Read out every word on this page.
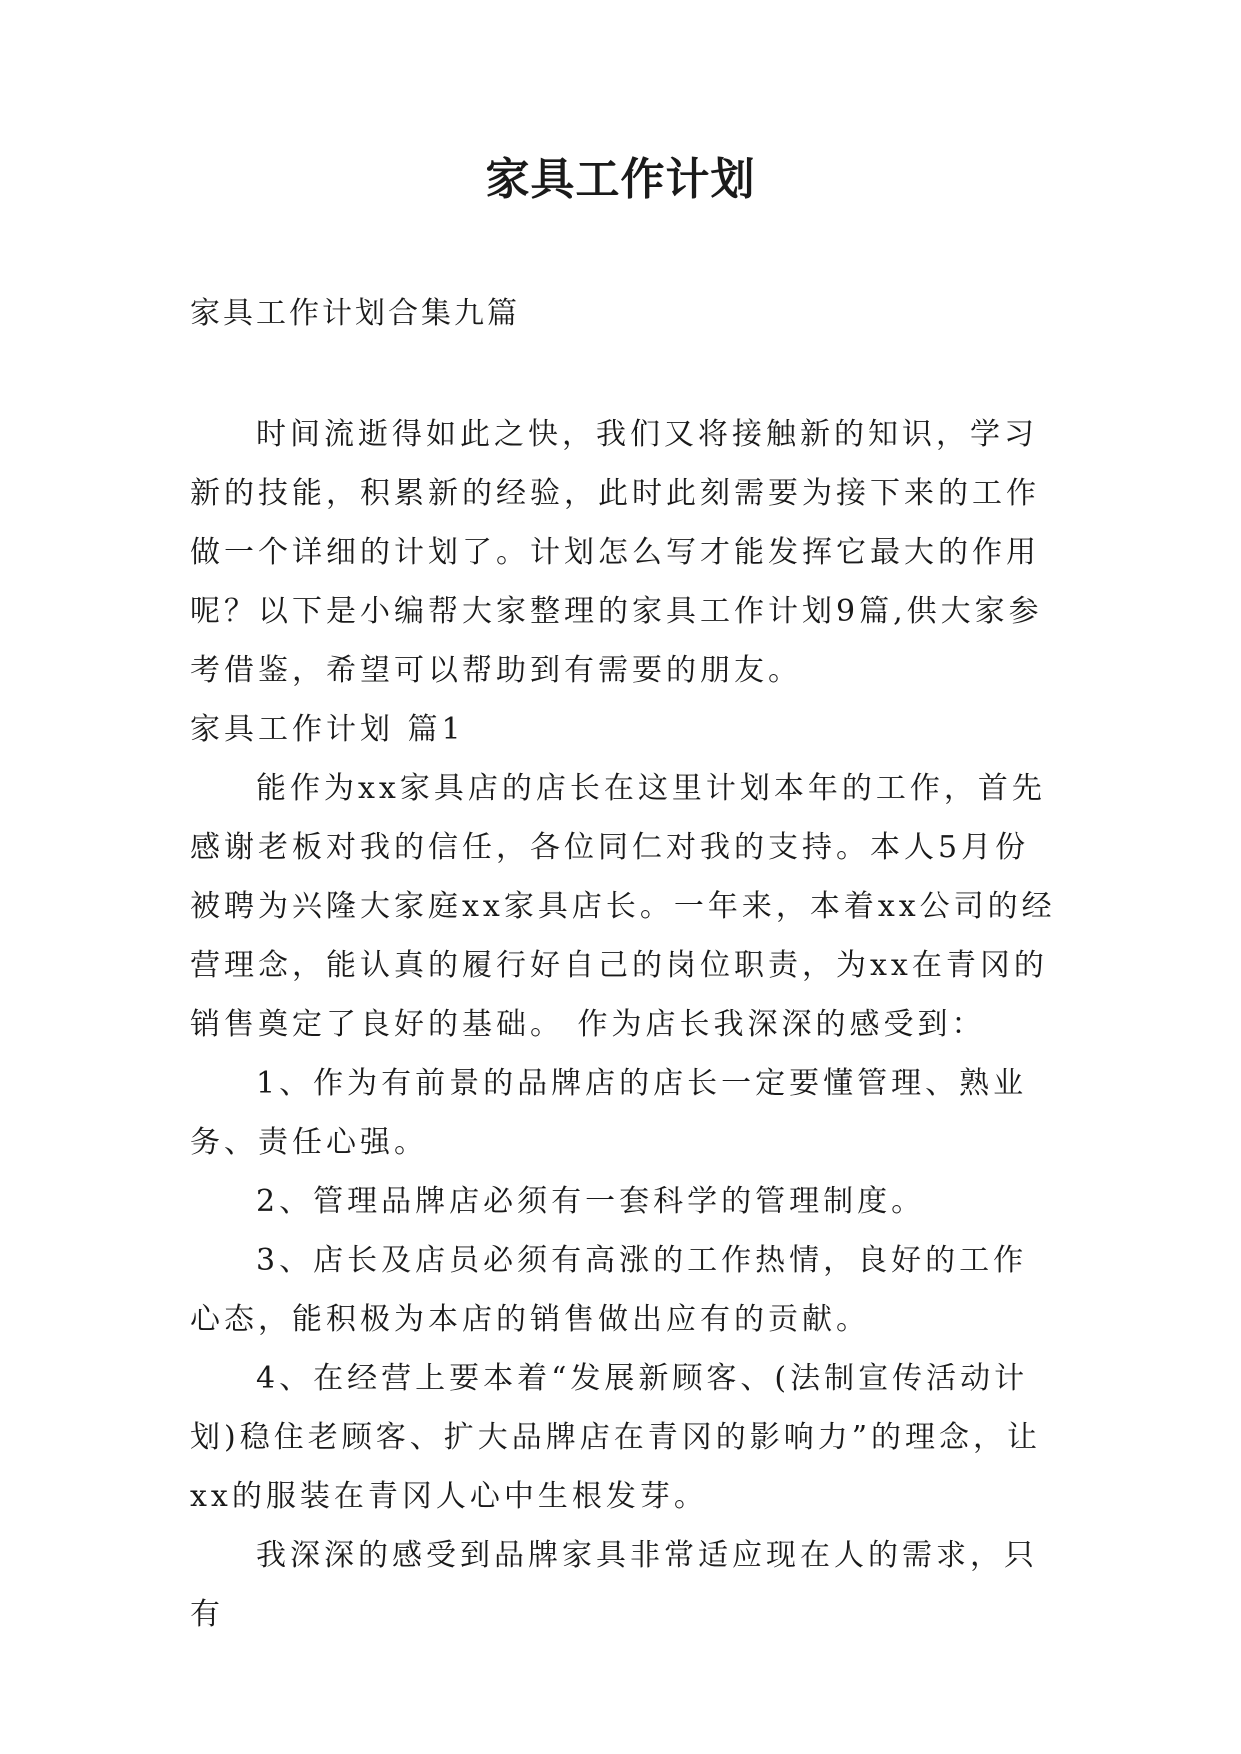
家具工作计划
家具工作计划合集九篇

时间流逝得如此之快，我们又将接触新的知识，学习新的技能，积累新的经验，此时此刻需要为接下来的工作做一个详细的计划了。计划怎么写才能发挥它最大的作用呢？以下是小编帮大家整理的家具工作计划9篇,供大家参考借鉴，希望可以帮助到有需要的朋友。

家具工作计划 篇1

能作为xx家具店的店长在这里计划本年的工作，首先感谢老板对我的信任，各位同仁对我的支持。本人5月份被聘为兴隆大家庭xx家具店长。一年来，本着xx公司的经营理念，能认真的履行好自己的岗位职责，为xx在青冈的销售奠定了良好的基础。 作为店长我深深的感受到：

1、作为有前景的品牌店的店长一定要懂管理、熟业务、责任心强。

2、管理品牌店必须有一套科学的管理制度。

3、店长及店员必须有高涨的工作热情，良好的工作心态，能积极为本店的销售做出应有的贡献。

4、在经营上要本着“发展新顾客、(法制宣传活动计划)稳住老顾客、扩大品牌店在青冈的影响力”的理念，让xx的服装在青冈人心中生根发芽。

我深深的感受到品牌家具非常适应现在人的需求，只有
